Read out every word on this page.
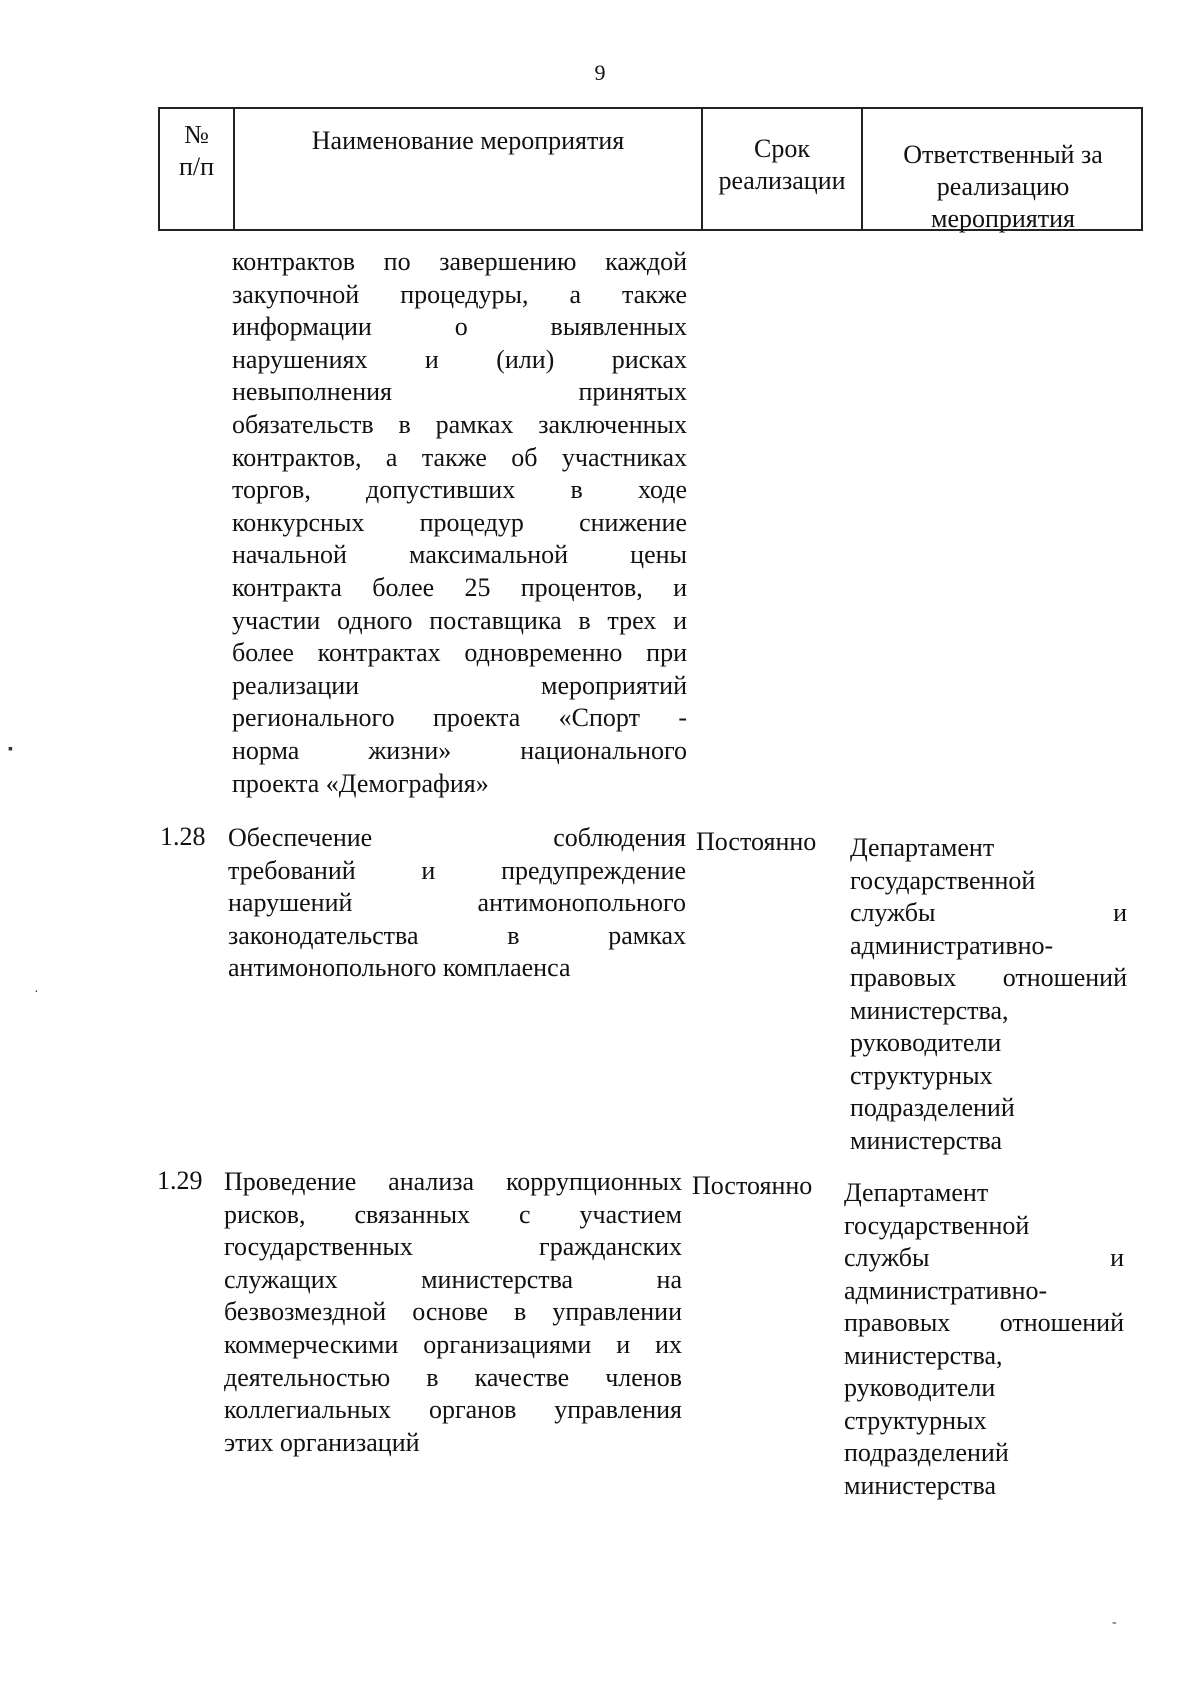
9
№
п/п
Наименование мероприятия	Срок
реализации
Ответственный за
реализацию
мероприятия
контрактов по завершению каждой
закупочной процедуры, а также
информации о выявленных
нарушениях и (или) рисках
невыполнения принятых
обязательств в рамках заключенных
контрактов, а также об участниках
торгов, допустивших в ходе
конкурсных процедур снижение
начальной максимальной цены
контракта более 25 процентов, и
участии одного поставщика в трех и
более контрактах одновременно при
реализации мероприятий
регионального проекта «Спорт -
норма жизни» национального
проекта «Демография»
1.28 Обеспечение соблюдения
требований и предупреждение
нарушений антимонопольного
законодательства в рамках
антимонопольного комплаенса
Постоянно Департамент
государственной
службы и
административно-
правовых отношений
министерства,
руководители
структурных
подразделений
министерства
1.29 Проведение анализа коррупционных
рисков, связанных с участием
государственных гражданских
служащих министерства на
безвозмездной основе в управлении
коммерческими организациями и их
деятельностью в качестве членов
коллегиальных органов управления
этих организаций
Постоянно Департамент
государственной
службы и
административно-
правовых отношений
министерства,
руководители
структурных
подразделений
министерства
▪
·
-
